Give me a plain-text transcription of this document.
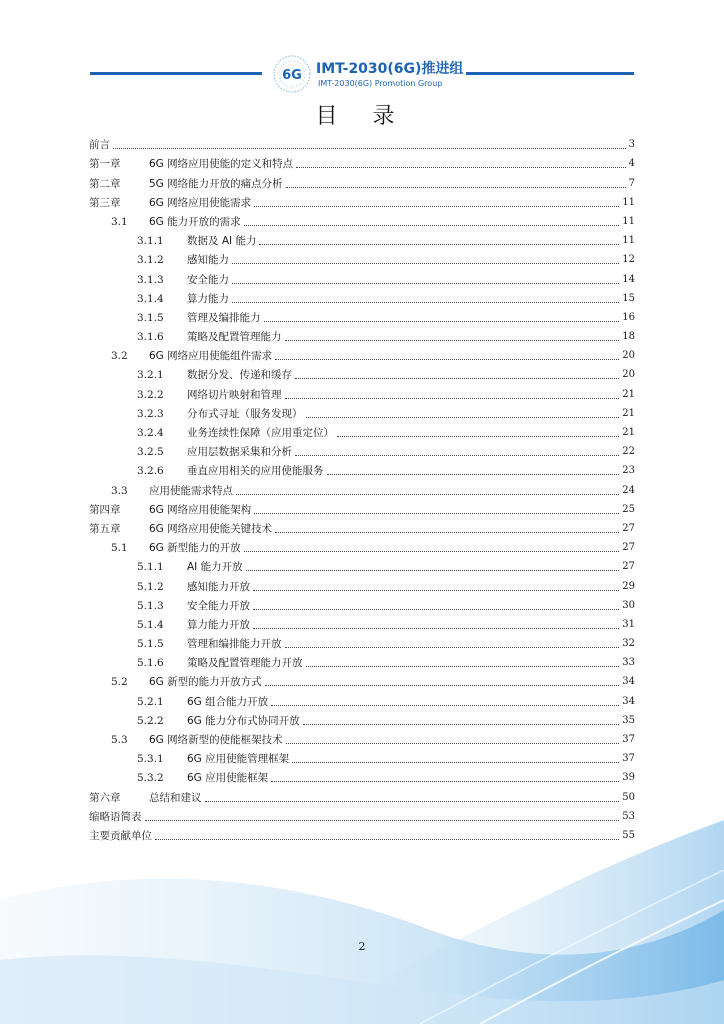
6G IMT-2030(6G)推进组
IMT-2030(6G) Promotion Group
目 录
前言	3
第一章	6G 网络应用使能的定义和特点	4
第二章	5G 网络能力开放的痛点分析	7
第三章	6G 网络应用使能需求	11
3.1	6G 能力开放的需求	11
3.1.1	数据及 AI 能力	11
3.1.2	感知能力	12
3.1.3	安全能力	14
3.1.4	算力能力	15
3.1.5	管理及编排能力	16
3.1.6	策略及配置管理能力	18
3.2	6G 网络应用使能组件需求	20
3.2.1	数据分发、传递和缓存	20
3.2.2	网络切片映射和管理	21
3.2.3	分布式寻址（服务发现）	21
3.2.4	业务连续性保障（应用重定位）	21
3.2.5	应用层数据采集和分析	22
3.2.6	垂直应用相关的应用使能服务	23
3.3	应用使能需求特点	24
第四章	6G 网络应用使能架构	25
第五章	6G 网络应用使能关键技术	27
5.1	6G 新型能力的开放	27
5.1.1	AI 能力开放	27
5.1.2	感知能力开放	29
5.1.3	安全能力开放	30
5.1.4	算力能力开放	31
5.1.5	管理和编排能力开放	32
5.1.6	策略及配置管理能力开放	33
5.2	6G 新型的能力开放方式	34
5.2.1	6G 组合能力开放	34
5.2.2	6G 能力分布式协同开放	35
5.3	6G 网络新型的使能框架技术	37
5.3.1	6G 应用使能管理框架	37
5.3.2	6G 应用使能框架	39
第六章	总结和建议	50
缩略语简表	53
主要贡献单位	55
2
